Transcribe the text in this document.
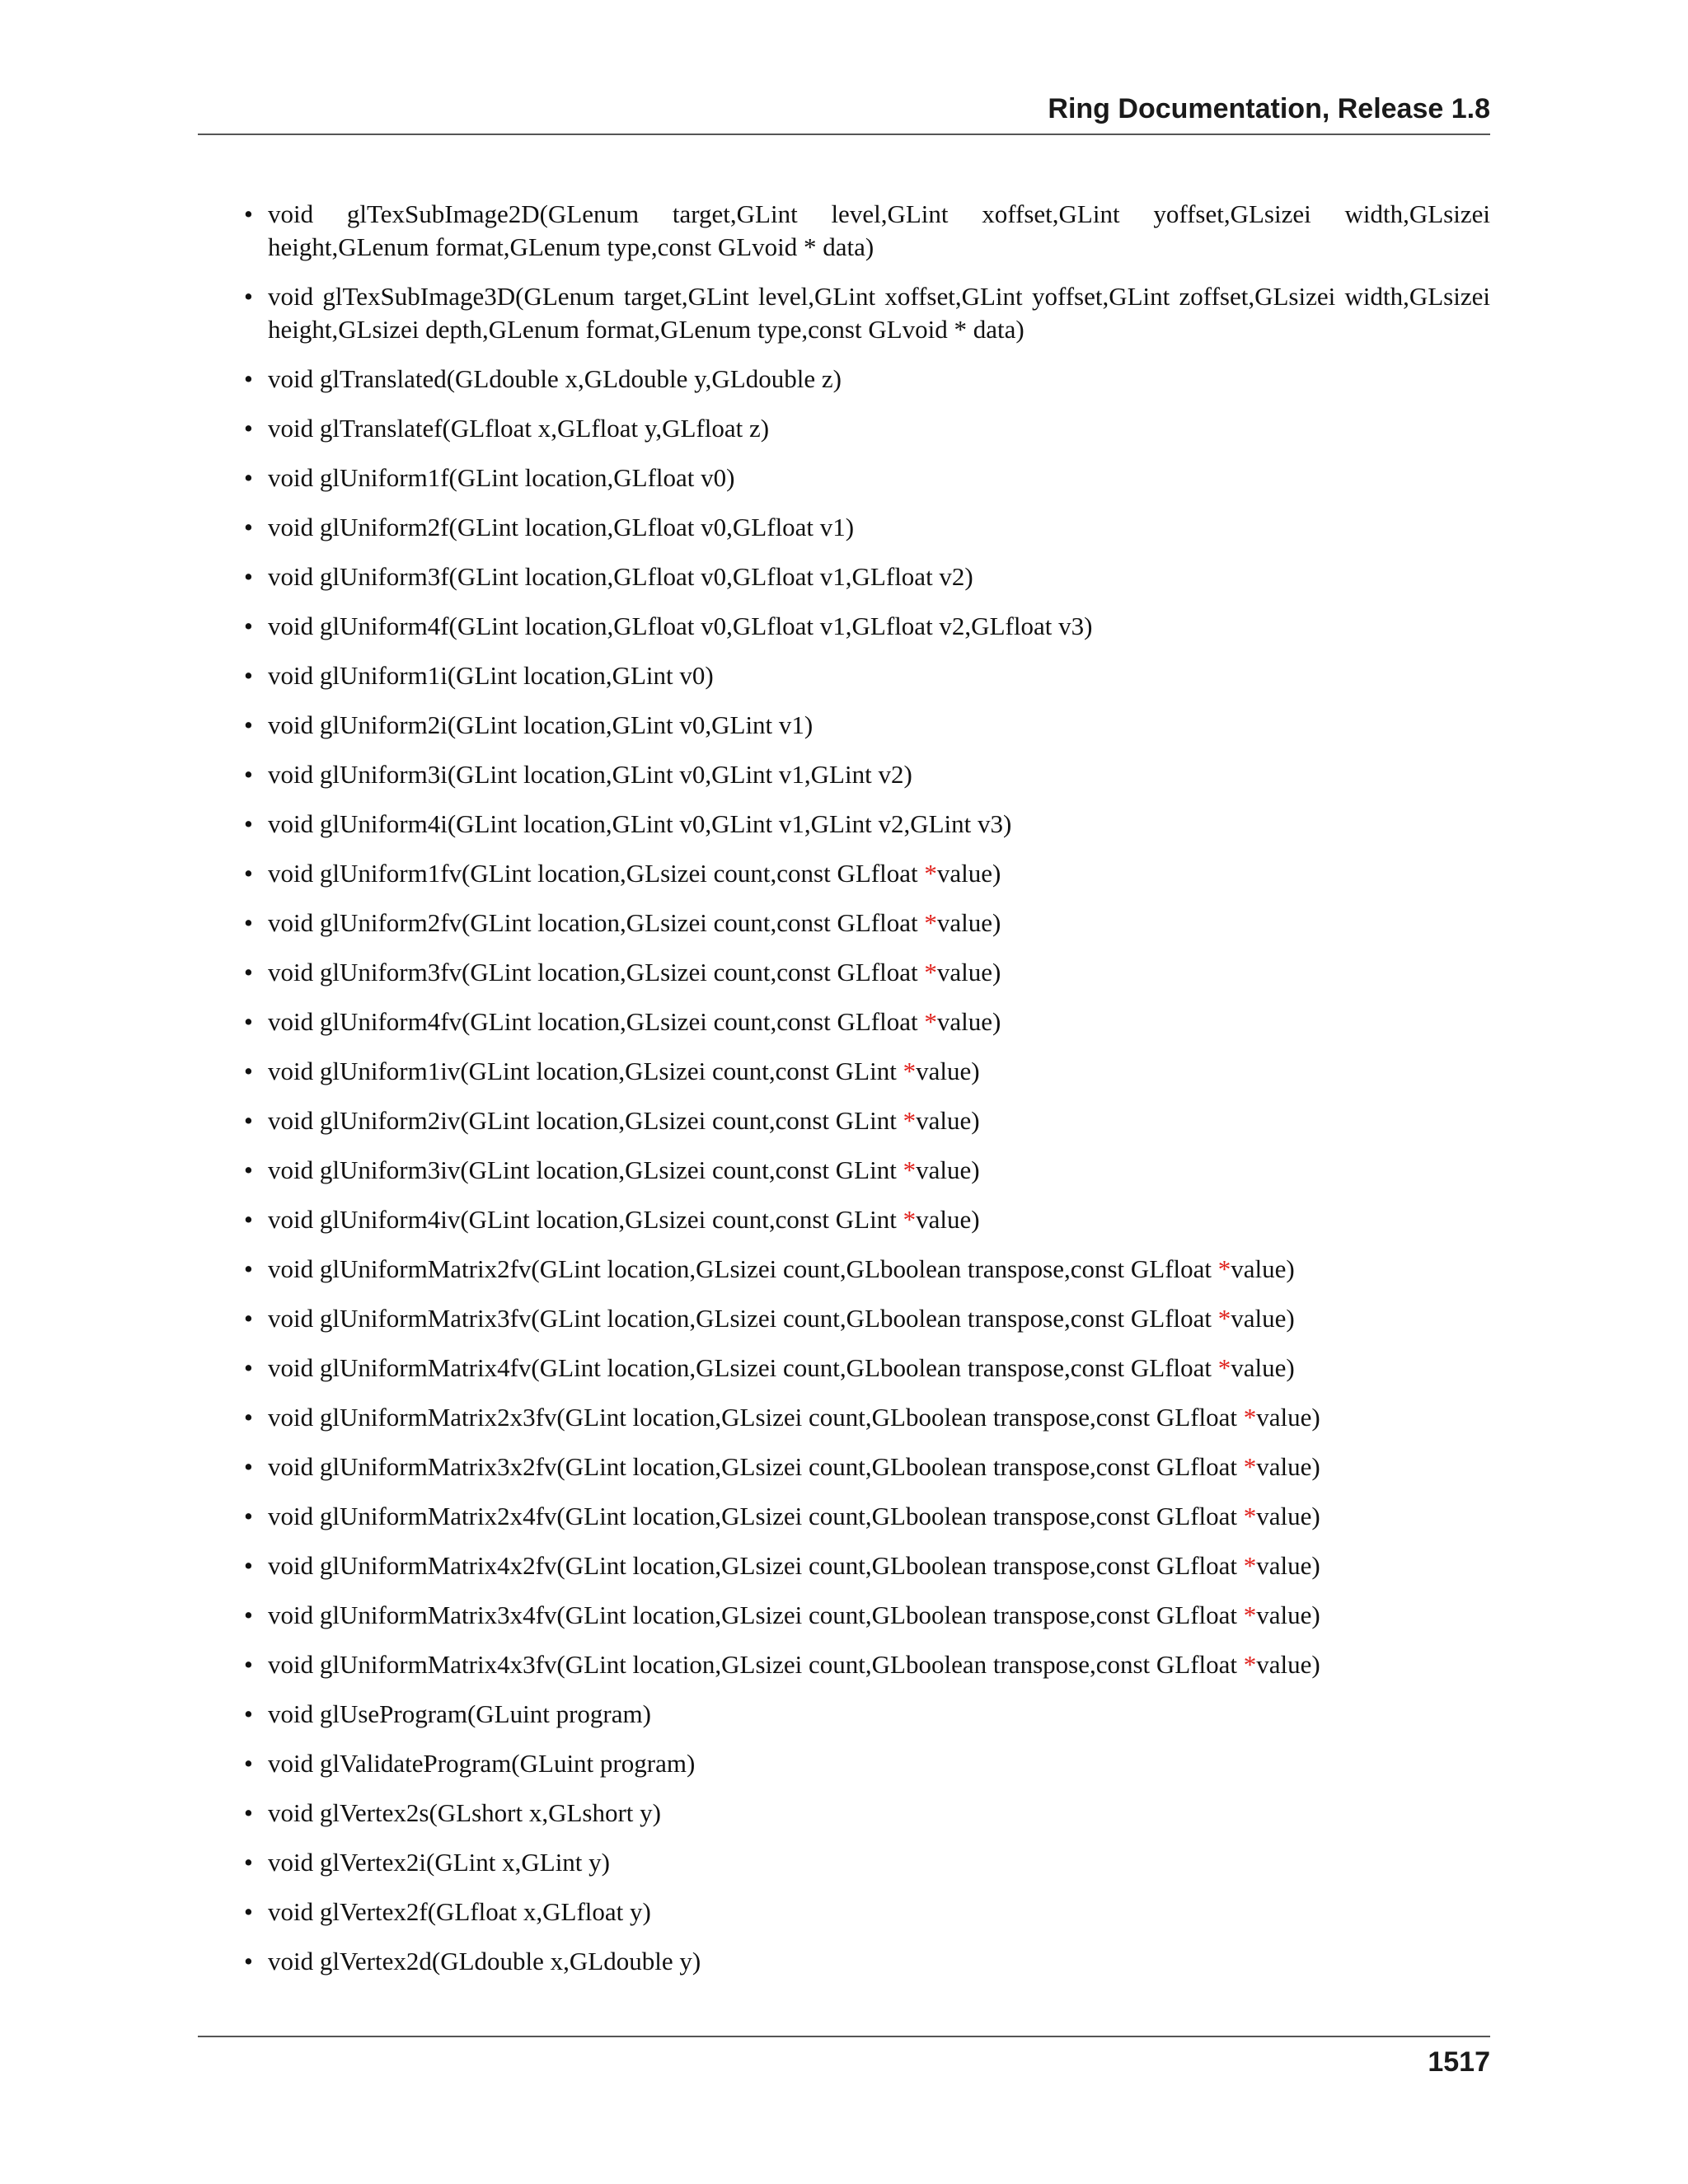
Ring Documentation, Release 1.8
• void glTexSubImage2D(GLenum target,GLint level,GLint xoffset,GLint yoffset,GLsizei width,GLsizei height,GLenum format,GLenum type,const GLvoid * data)
• void glTexSubImage3D(GLenum target,GLint level,GLint xoffset,GLint yoffset,GLint zoffset,GLsizei width,GLsizei height,GLsizei depth,GLenum format,GLenum type,const GLvoid * data)
• void glTranslated(GLdouble x,GLdouble y,GLdouble z)
• void glTranslatef(GLfloat x,GLfloat y,GLfloat z)
• void glUniform1f(GLint location,GLfloat v0)
• void glUniform2f(GLint location,GLfloat v0,GLfloat v1)
• void glUniform3f(GLint location,GLfloat v0,GLfloat v1,GLfloat v2)
• void glUniform4f(GLint location,GLfloat v0,GLfloat v1,GLfloat v2,GLfloat v3)
• void glUniform1i(GLint location,GLint v0)
• void glUniform2i(GLint location,GLint v0,GLint v1)
• void glUniform3i(GLint location,GLint v0,GLint v1,GLint v2)
• void glUniform4i(GLint location,GLint v0,GLint v1,GLint v2,GLint v3)
• void glUniform1fv(GLint location,GLsizei count,const GLfloat *value)
• void glUniform2fv(GLint location,GLsizei count,const GLfloat *value)
• void glUniform3fv(GLint location,GLsizei count,const GLfloat *value)
• void glUniform4fv(GLint location,GLsizei count,const GLfloat *value)
• void glUniform1iv(GLint location,GLsizei count,const GLint *value)
• void glUniform2iv(GLint location,GLsizei count,const GLint *value)
• void glUniform3iv(GLint location,GLsizei count,const GLint *value)
• void glUniform4iv(GLint location,GLsizei count,const GLint *value)
• void glUniformMatrix2fv(GLint location,GLsizei count,GLboolean transpose,const GLfloat *value)
• void glUniformMatrix3fv(GLint location,GLsizei count,GLboolean transpose,const GLfloat *value)
• void glUniformMatrix4fv(GLint location,GLsizei count,GLboolean transpose,const GLfloat *value)
• void glUniformMatrix2x3fv(GLint location,GLsizei count,GLboolean transpose,const GLfloat *value)
• void glUniformMatrix3x2fv(GLint location,GLsizei count,GLboolean transpose,const GLfloat *value)
• void glUniformMatrix2x4fv(GLint location,GLsizei count,GLboolean transpose,const GLfloat *value)
• void glUniformMatrix4x2fv(GLint location,GLsizei count,GLboolean transpose,const GLfloat *value)
• void glUniformMatrix3x4fv(GLint location,GLsizei count,GLboolean transpose,const GLfloat *value)
• void glUniformMatrix4x3fv(GLint location,GLsizei count,GLboolean transpose,const GLfloat *value)
• void glUseProgram(GLuint program)
• void glValidateProgram(GLuint program)
• void glVertex2s(GLshort x,GLshort y)
• void glVertex2i(GLint x,GLint y)
• void glVertex2f(GLfloat x,GLfloat y)
• void glVertex2d(GLdouble x,GLdouble y)
1517
